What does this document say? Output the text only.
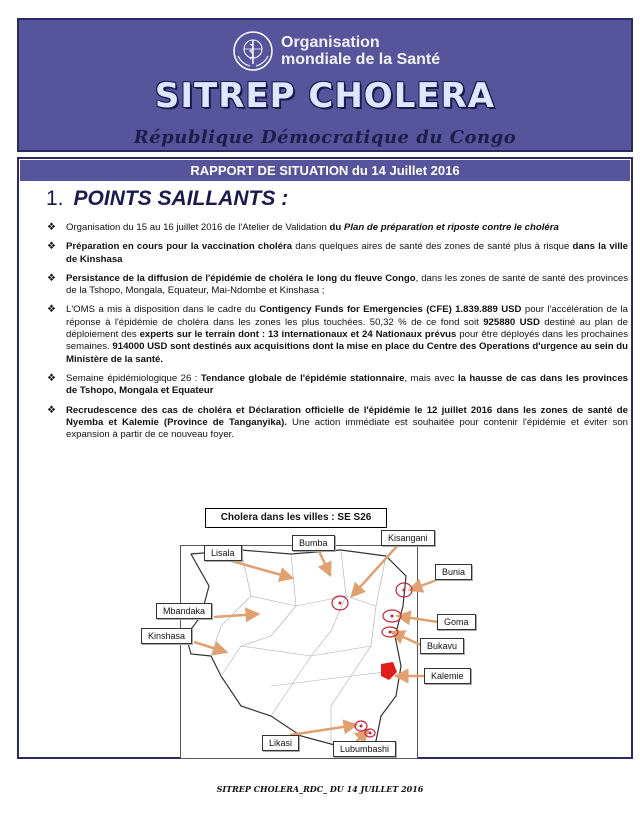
Organisation
mondiale de la Santé
SITREP CHOLERA
République Démocratique du Congo
RAPPORT DE SITUATION du 14 Juillet 2016
1. POINTS SAILLANTS :
❖ Organisation du 15 au 16 juillet 2016 de l'Atelier de Validation du Plan de préparation et riposte contre le choléra
❖ Préparation en cours pour la vaccination choléra dans quelques aires de santé des zones de santé plus à risque dans la ville de Kinshasa
❖ Persistance de la diffusion de l'épidémie de choléra le long du fleuve Congo, dans les zones de santé de santé des provinces de la Tshopo, Mongala, Equateur, Mai-Ndombe et Kinshasa ;
❖ L'OMS a mis à disposition dans le cadre du Contigency Funds for Emergencies (CFE) 1.839.889 USD pour l'accélération de la réponse à l'épidémie de choléra dans les zones les plus touchées. 50,32 % de ce fond soit 925880 USD destiné au plan de déploiement des experts sur le terrain dont : 13 internationaux et 24 Nationaux prévus pour être déployés dans les prochaines semaines. 914000 USD sont destinés aux acquisitions dont la mise en place du Centre des Operations d'urgence au sein du Ministère de la santé.
❖ Semaine épidémiologique 26 : Tendance globale de l'épidémie stationnaire, mais avec la hausse de cas dans les provinces de Tshopo, Mongala et Equateur
❖ Recrudescence des cas de choléra et Déclaration officielle de l'épidémie le 12 juillet 2016 dans les zones de santé de Nyemba et Kalemie (Province de Tanganyika). Une action immédiate est souhaitée pour contenir l'épidémie et éviter son expansion à partir de ce nouveau foyer.
Cholera dans les villes : SE S26
Lisala
Bumba	Kisangani
Bunia
Mbandaka
Kinshasa
Goma
Bukavu
Kalemie
Likasi
Lubumbashi
SITREP CHOLERA_RDC_ DU 14 JUILLET 2016
